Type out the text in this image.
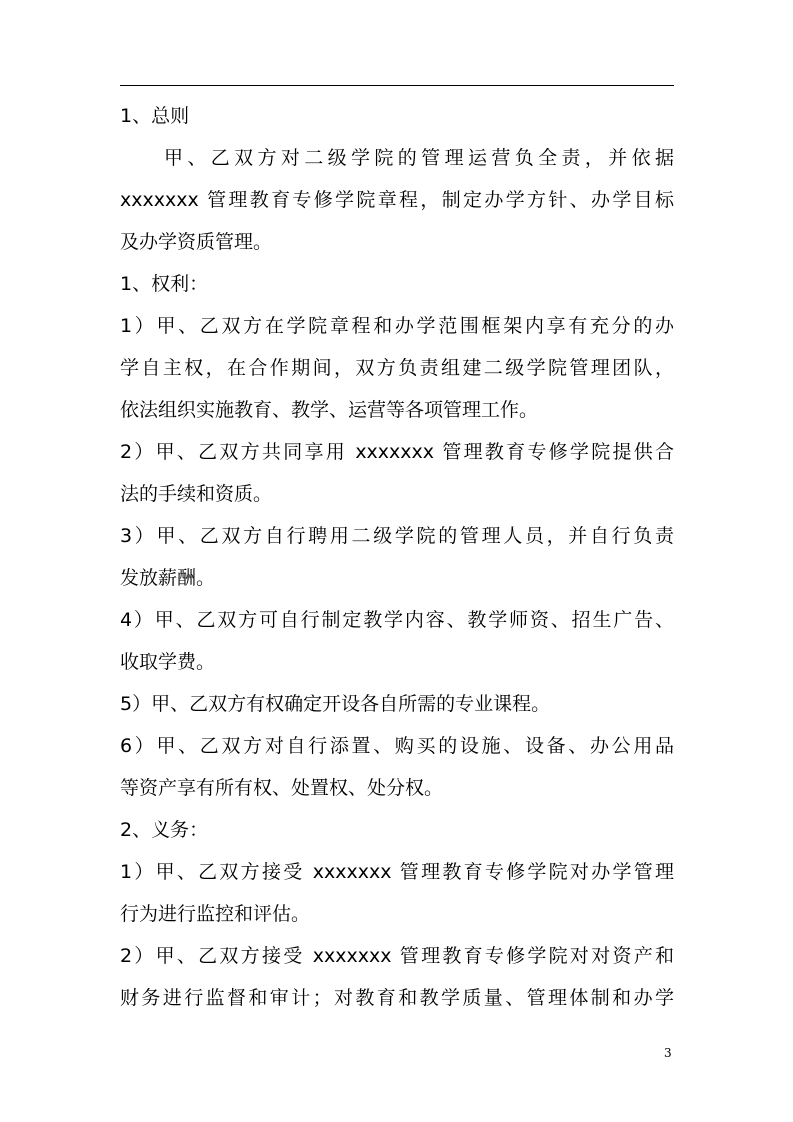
1、总则
甲、乙双方对二级学院的管理运营负全责，并依据
xxxxxxx 管理教育专修学院章程，制定办学方针、办学目标
及办学资质管理。
1、权利：
1）甲、乙双方在学院章程和办学范围框架内享有充分的办
学自主权，在合作期间，双方负责组建二级学院管理团队，
依法组织实施教育、教学、运营等各项管理工作。
2）甲、乙双方共同享用 xxxxxxx 管理教育专修学院提供合
法的手续和资质。
3）甲、乙双方自行聘用二级学院的管理人员，并自行负责
发放薪酬。
4）甲、乙双方可自行制定教学内容、教学师资、招生广告、
收取学费。
5）甲、乙双方有权确定开设各自所需的专业课程。
6）甲、乙双方对自行添置、购买的设施、设备、办公用品
等资产享有所有权、处置权、处分权。
2、义务：
1）甲、乙双方接受 xxxxxxx 管理教育专修学院对办学管理
行为进行监控和评估。
2）甲、乙双方接受 xxxxxxx 管理教育专修学院对对资产和
财务进行监督和审计；对教育和教学质量、管理体制和办学
3
